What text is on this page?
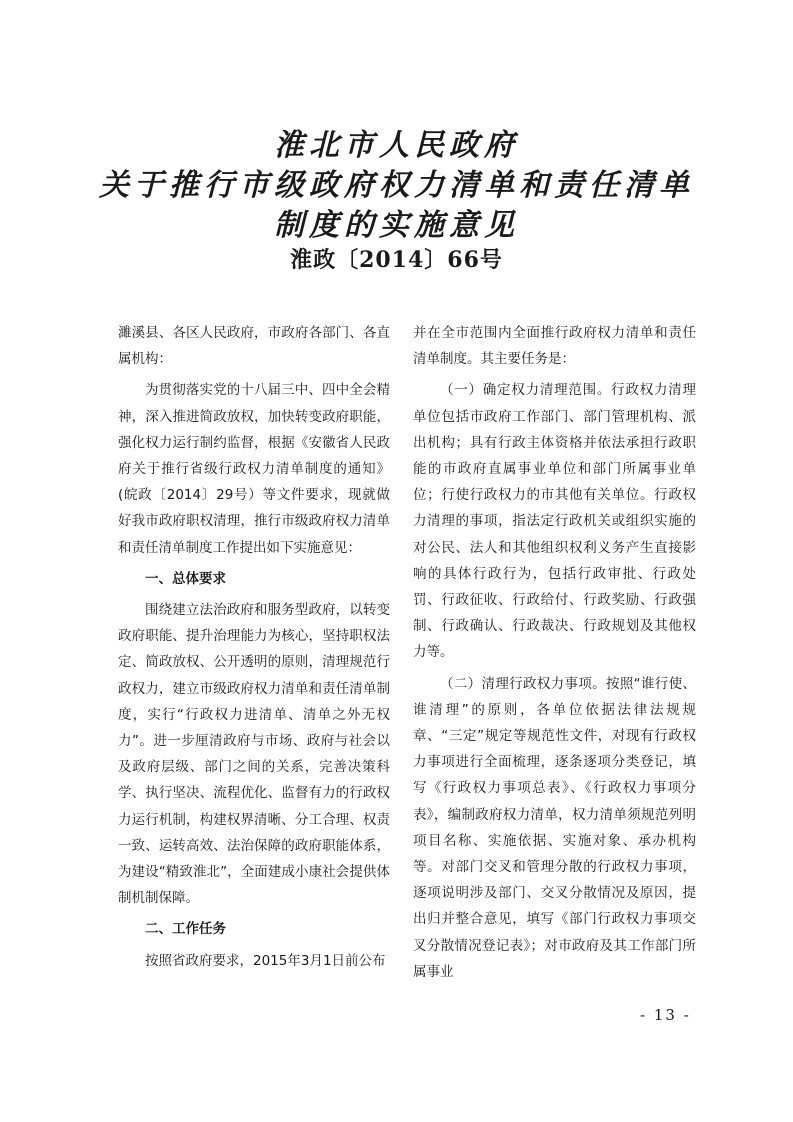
淮北市人民政府
关于推行市级政府权力清单和责任清单
制度的实施意见
淮政〔2014〕66号

濉溪县、各区人民政府，市政府各部门、各直属机构：

为贯彻落实党的十八届三中、四中全会精神，深入推进简政放权，加快转变政府职能，强化权力运行制约监督，根据《安徽省人民政府关于推行省级行政权力清单制度的通知》(皖政〔2014〕29号）等文件要求，现就做好我市政府职权清理，推行市级政府权力清单和责任清单制度工作提出如下实施意见：

一、总体要求

围绕建立法治政府和服务型政府，以转变政府职能、提升治理能力为核心，坚持职权法定、简政放权、公开透明的原则，清理规范行政权力，建立市级政府权力清单和责任清单制度，实行“行政权力进清单、清单之外无权力”。进一步厘清政府与市场、政府与社会以及政府层级、部门之间的关系，完善决策科学、执行坚决、流程优化、监督有力的行政权力运行机制，构建权界清晰、分工合理、权责一致、运转高效、法治保障的政府职能体系，为建设“精致淮北”，全面建成小康社会提供体制机制保障。

二、工作任务

按照省政府要求，2015年3月1日前公布

并在全市范围内全面推行政府权力清单和责任清单制度。其主要任务是：

（一）确定权力清理范围。行政权力清理单位包括市政府工作部门、部门管理机构、派出机构；具有行政主体资格并依法承担行政职能的市政府直属事业单位和部门所属事业单位；行使行政权力的市其他有关单位。行政权力清理的事项，指法定行政机关或组织实施的对公民、法人和其他组织权利义务产生直接影响的具体行政行为，包括行政审批、行政处罚、行政征收、行政给付、行政奖励、行政强制、行政确认、行政裁决、行政规划及其他权力等。

（二）清理行政权力事项。按照“谁行使、谁清理”的原则，各单位依据法律法规规章、“三定”规定等规范性文件，对现有行政权力事项进行全面梳理，逐条逐项分类登记，填写《行政权力事项总表》、《行政权力事项分表》，编制政府权力清单，权力清单须规范列明项目名称、实施依据、实施对象、承办机构等。对部门交叉和管理分散的行政权力事项，逐项说明涉及部门、交叉分散情况及原因，提出归并整合意见，填写《部门行政权力事项交叉分散情况登记表》；对市政府及其工作部门所属事业

- 13 -
